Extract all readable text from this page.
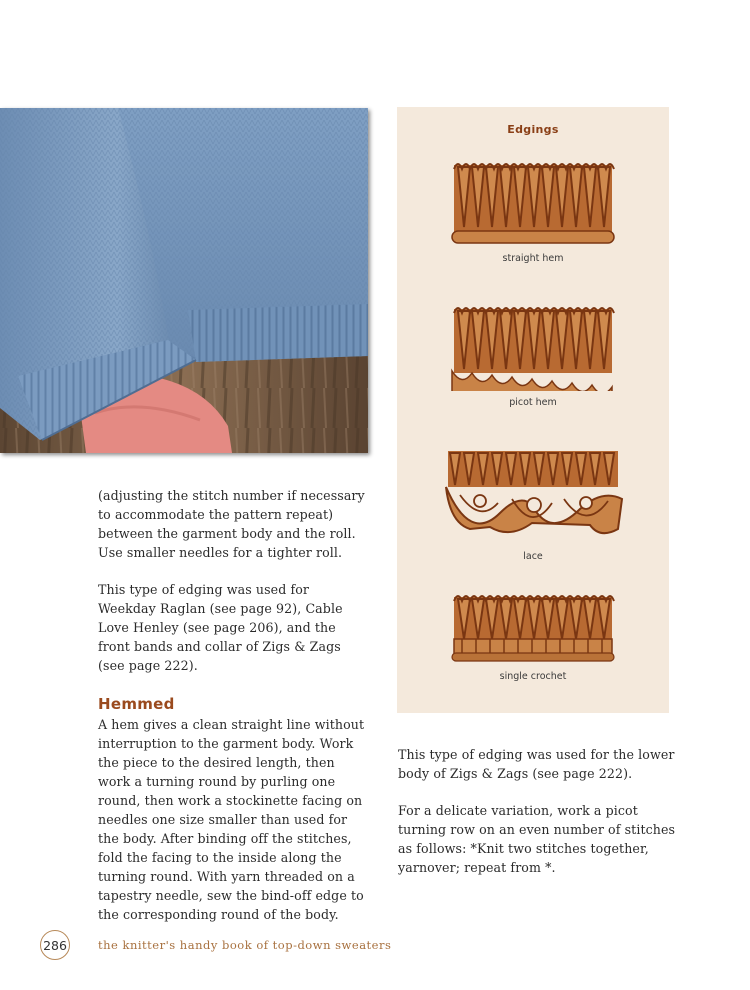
(adjusting the stitch number if necessary to accommodate the pattern repeat) between the garment body and the roll. Use smaller needles for a tighter roll.

This type of edging was used for Weekday Raglan (see page 92), Cable Love Henley (see page 206), and the front bands and collar of Zigs & Zags (see page 222).

Hemmed

A hem gives a clean straight line without interruption to the garment body. Work the piece to the desired length, then work a turning round by purling one round, then work a stockinette facing on needles one size smaller than used for the body. After binding off the stitches, fold the facing to the inside along the turning round. With yarn threaded on a tapestry needle, sew the bind-off edge to the corresponding round of the body.

Edgings
straight hem
picot hem
lace
single crochet

This type of edging was used for the lower body of Zigs & Zags (see page 222).

For a delicate variation, work a picot turning row on an even number of stitches as follows: *Knit two stitches together, yarnover; repeat from *.

286	the knitter's handy book of top-down sweaters
